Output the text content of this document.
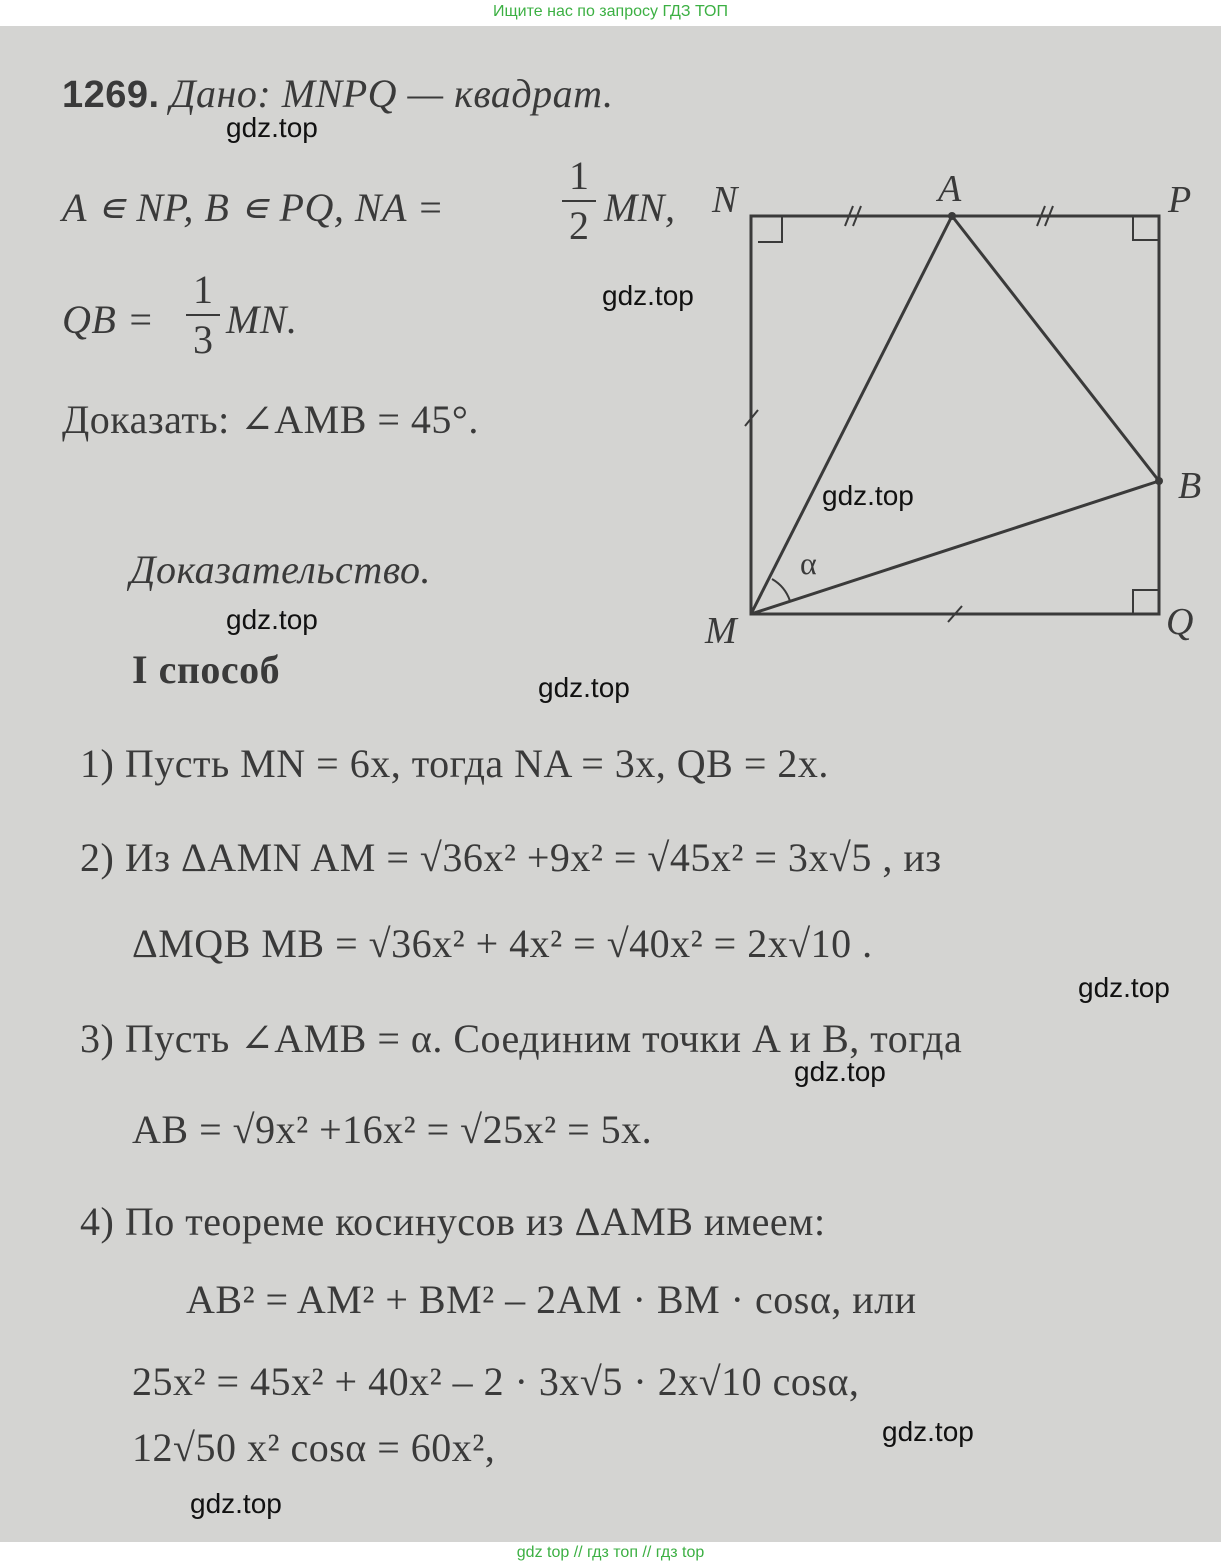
Ищите нас по запросу ГДЗ ТОП
1269. Дано: MNPQ — квадрат.
A ∊ NP, B ∊ PQ, NA =
1
2 MN,
QB =
1
3 MN.
Доказать: ∠AMB = 45°.
N	A	P
B
M	Q
α
Доказательство.
I способ
1) Пусть MN = 6x, тогда NA = 3x, QB = 2x.
2) Из ΔAMN AM = √36x² +9x² = √45x² = 3x√5 , из
ΔMQB MB = √36x² + 4x² = √40x² = 2x√10 .
3) Пусть ∠AMB = α. Соединим точки A и B, тогда
AB = √9x² +16x² = √25x² = 5x.
4) По теореме косинусов из ΔAMB имеем:
AB² = AM² + BM² – 2AM · BM · cosα, или
25x² = 45x² + 40x² – 2 · 3x√5 · 2x√10 cosα,
12√50 x² cosα = 60x²,
gdz.top
gdz.top
gdz.top
gdz.top
gdz.top
gdz.top
gdz.top
gdz.top
gdz.top
gdz top // гдз топ // гдз top
